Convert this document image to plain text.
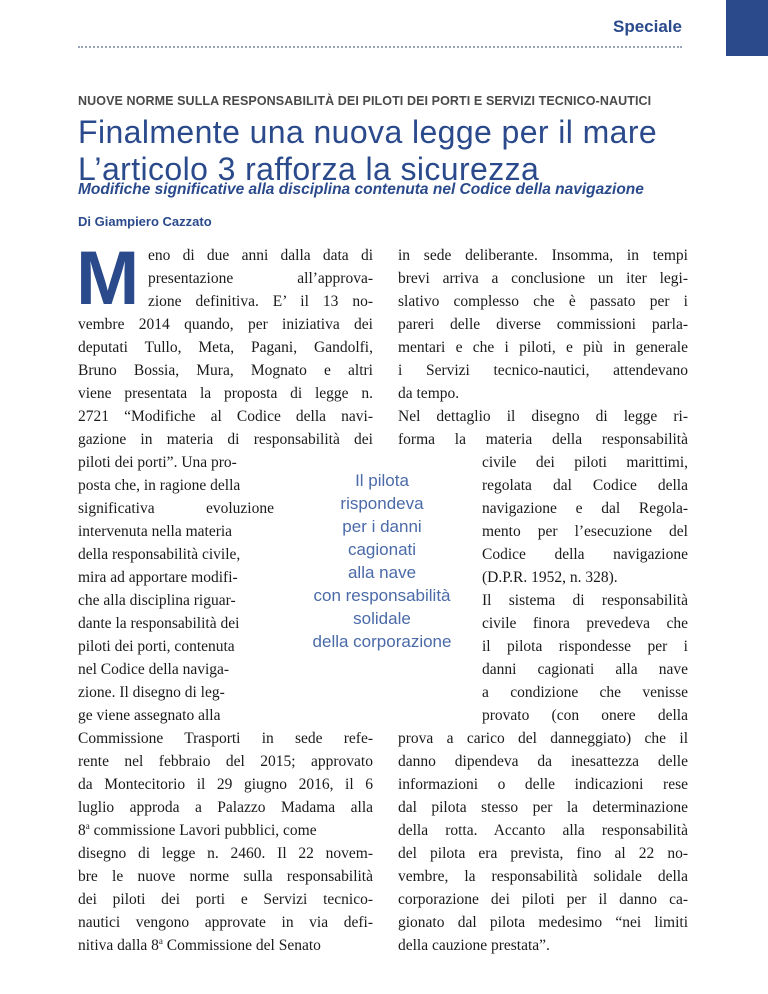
Speciale
NUOVE NORME SULLA RESPONSABILITÀ DEI PILOTI DEI PORTI E SERVIZI TECNICO-NAUTICI
Finalmente una nuova legge per il mare
L’articolo 3 rafforza la sicurezza
Modifiche significative alla disciplina contenuta nel Codice della navigazione
Di Giampiero Cazzato
M eno di due anni dalla data di
presentazione all’approva-
zione definitiva. E’ il 13 no-
vembre 2014 quando, per iniziativa dei
deputati Tullo, Meta, Pagani, Gandolfi,
Bruno Bossia, Mura, Mognato e altri
viene presentata la proposta di legge n.
2721 “Modifiche al Codice della navi-
gazione in materia di responsabilità dei
piloti dei porti”. Una pro-
posta che, in ragione della
significativa evoluzione
intervenuta nella materia
della responsabilità civile,
mira ad apportare modifi-
che alla disciplina riguar-
dante la responsabilità dei
piloti dei porti, contenuta
nel Codice della naviga-
zione. Il disegno di leg-
ge viene assegnato alla
Commissione Trasporti in sede refe-
rente nel febbraio del 2015; approvato
da Montecitorio il 29 giugno 2016, il 6
luglio approda a Palazzo Madama alla
8$^a$ commissione Lavori pubblici, come
disegno di legge n. 2460. Il 22 novem-
bre le nuove norme sulla responsabilità
dei piloti dei porti e Servizi tecnico-
nautici vengono approvate in via defi-
nitiva dalla 8$^a$ Commissione del Senato
Il pilota
rispondeva
per i danni
cagionati
alla nave
con responsabilità
solidale
della corporazione
in sede deliberante. Insomma, in tempi
brevi arriva a conclusione un iter legi-
slativo complesso che è passato per i
pareri delle diverse commissioni parla-
mentari e che i piloti, e più in generale
i Servizi tecnico-nautici, attendevano
da tempo.
Nel dettaglio il disegno di legge ri-
forma la materia della responsabilità
civile dei piloti marittimi,
regolata dal Codice della
navigazione e dal Regola-
mento per l’esecuzione del
Codice della navigazione
(D.P.R. 1952, n. 328).
Il sistema di responsabilità
civile finora prevedeva che
il pilota rispondesse per i
danni cagionati alla nave
a condizione che venisse
provato (con onere della
prova a carico del danneggiato) che il
danno dipendeva da inesattezza delle
informazioni o delle indicazioni rese
dal pilota stesso per la determinazione
della rotta. Accanto alla responsabilità
del pilota era prevista, fino al 22 no-
vembre, la responsabilità solidale della
corporazione dei piloti per il danno ca-
gionato dal pilota medesimo “nei limiti
della cauzione prestata”.
